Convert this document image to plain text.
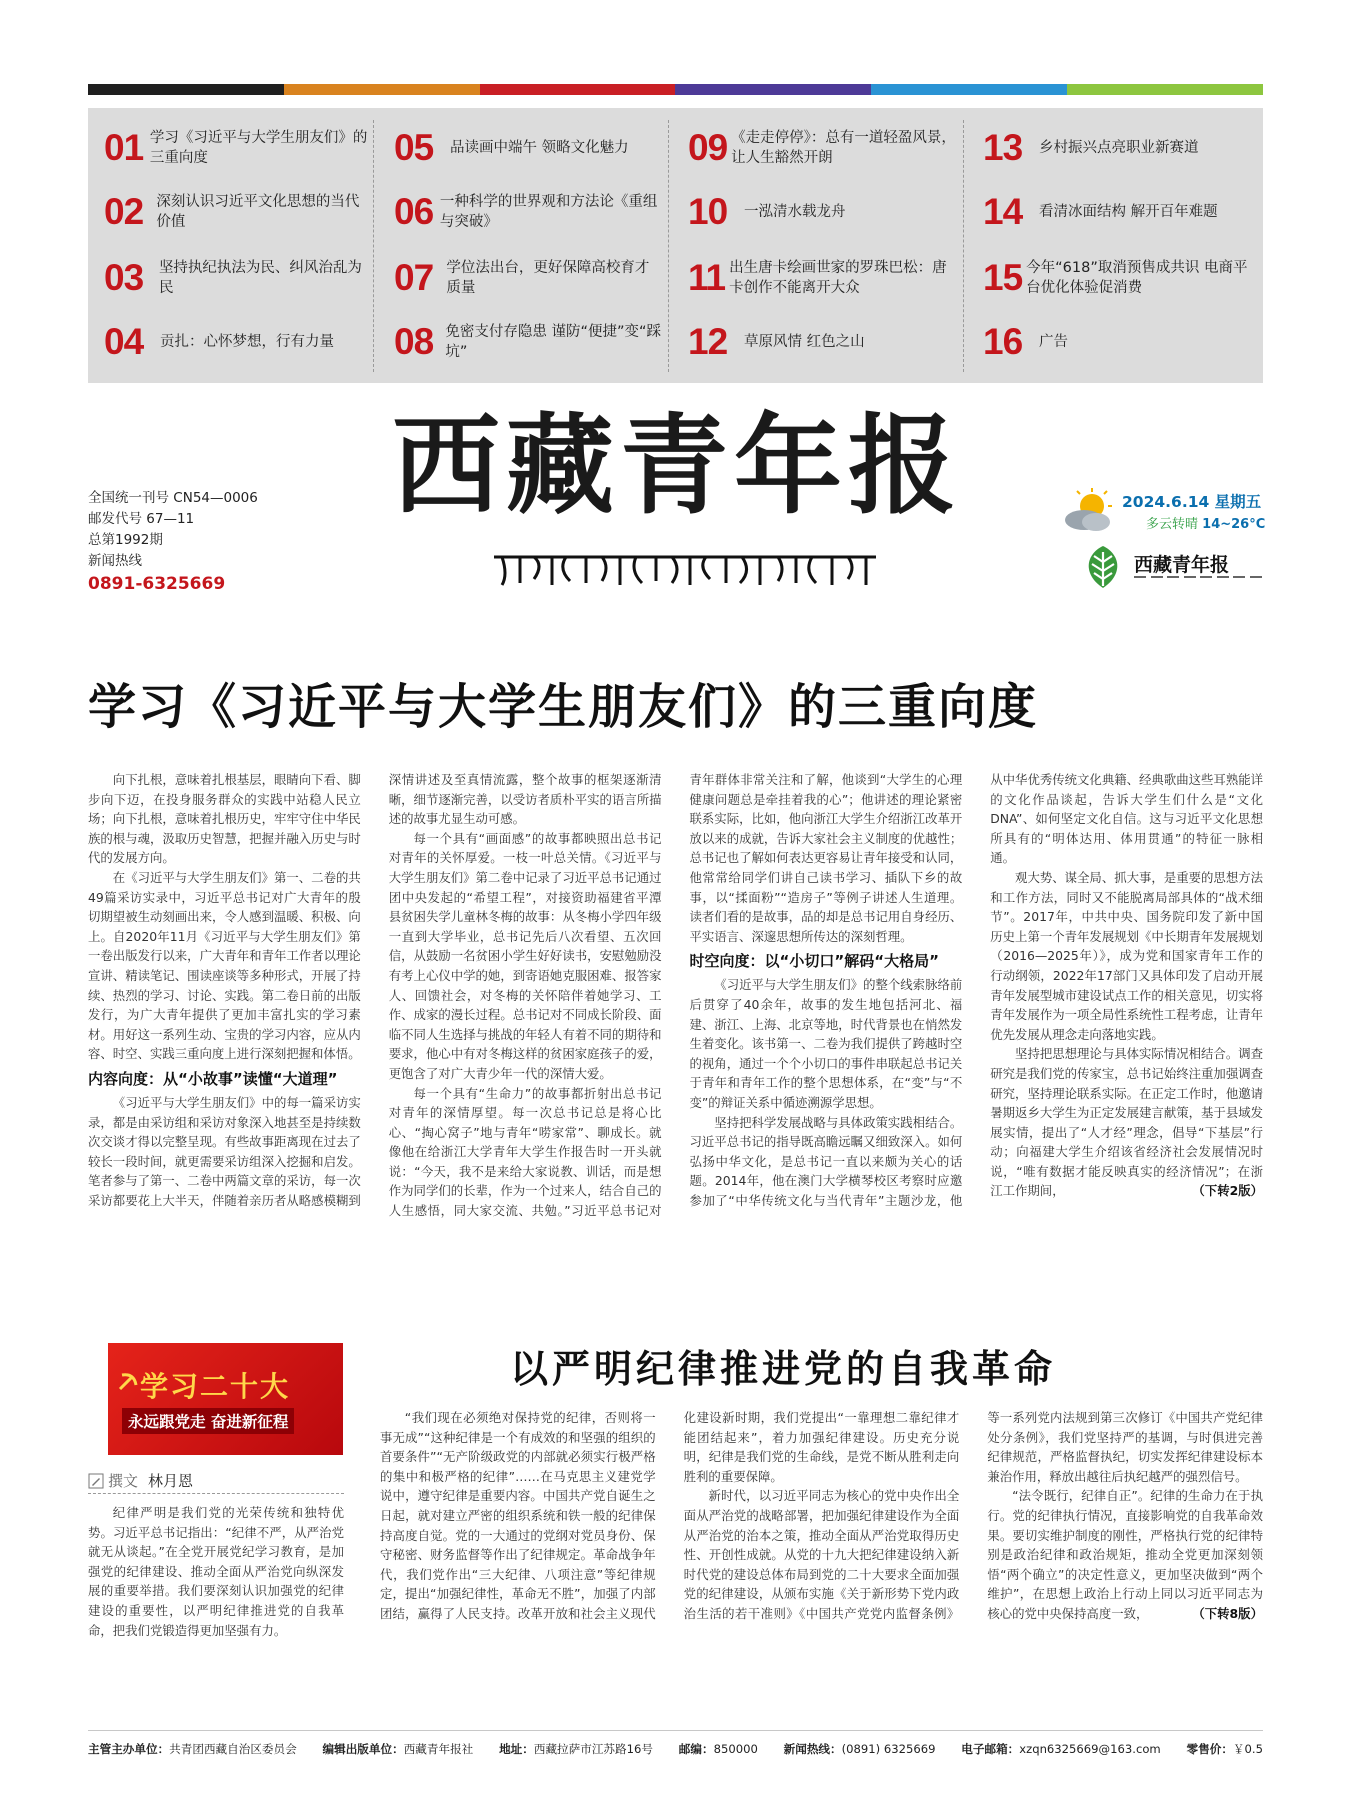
01 学习《习近平与大学生朋友们》的三重向度
02 深刻认识习近平文化思想的当代价值
03	坚持执纪执法为民、纠风治乱为民
04	贡扎：心怀梦想，行有力量
05	品读画中端午 领略文化魅力
06 一种科学的世界观和方法论《重组与突破》
07 学位法出台，更好保障高校育才质量
08 免密支付存隐患 谨防“便捷”变“踩坑”
09 《走走停停》：总有一道轻盈风景，让人生豁然开朗
10	一泓清水载龙舟
11 出生唐卡绘画世家的罗珠巴松：唐卡创作不能离开大众
12	草原风情 红色之山
13	乡村振兴点亮职业新赛道
14	看清冰面结构 解开百年难题
15 今年“618”取消预售成共识 电商平台优化体验促消费
16	广告
全国统一刊号 CN54—0006
邮发代号 67—11
总第1992期
新闻热线
0891-6325669
西藏青年报	2024.6.14 星期五
多云转晴 14~26°C
西藏青年报
学习《习近平与大学生朋友们》的三重向度

向下扎根，意味着扎根基层，眼睛向下看、脚步向下迈，在投身服务群众的实践中站稳人民立场；向下扎根，意味着扎根历史，牢牢守住中华民族的根与魂，汲取历史智慧，把握并融入历史与时代的发展方向。

在《习近平与大学生朋友们》第一、二卷的共49篇采访实录中，习近平总书记对广大青年的殷切期望被生动刻画出来，令人感到温暖、积极、向上。自2020年11月《习近平与大学生朋友们》第一卷出版发行以来，广大青年和青年工作者以理论宣讲、精读笔记、围读座谈等多种形式，开展了持续、热烈的学习、讨论、实践。第二卷日前的出版发行，为广大青年提供了更加丰富扎实的学习素材。用好这一系列生动、宝贵的学习内容，应从内容、时空、实践三重向度上进行深刻把握和体悟。

内容向度：从“小故事”读懂“大道理”

《习近平与大学生朋友们》中的每一篇采访实录，都是由采访组和采访对象深入地甚至是持续数次交谈才得以完整呈现。有些故事距离现在过去了较长一段时间，就更需要采访组深入挖掘和启发。笔者参与了第一、二卷中两篇文章的采访，每一次采访都要花上大半天，伴随着亲历者从略感模糊到深情讲述及至真情流露，整个故事的框架逐渐清晰，细节逐渐完善，以受访者质朴平实的语言所描述的故事尤显生动可感。

每一个具有“画面感”的故事都映照出总书记对青年的关怀厚爱。一枝一叶总关情。《习近平与大学生朋友们》第二卷中记录了习近平总书记通过团中央发起的“希望工程”，对接资助福建省平潭县贫困失学儿童林冬梅的故事：从冬梅小学四年级一直到大学毕业，总书记先后八次看望、五次回信，从鼓励一名贫困小学生好好读书，安慰勉励没有考上心仪中学的她，到寄语她克服困难、报答家人、回馈社会，对冬梅的关怀陪伴着她学习、工作、成家的漫长过程。总书记对不同成长阶段、面临不同人生选择与挑战的年轻人有着不同的期待和要求，他心中有对冬梅这样的贫困家庭孩子的爱，更饱含了对广大青少年一代的深情大爱。

每一个具有“生命力”的故事都折射出总书记对青年的深情厚望。每一次总书记总是将心比心、“掏心窝子”地与青年“唠家常”、聊成长。就像他在给浙江大学青年大学生作报告时一开头就说：“今天，我不是来给大家说教、训话，而是想作为同学们的长辈，作为一个过来人，结合自己的人生感悟，同大家交流、共勉。”习近平总书记对青年群体非常关注和了解，他谈到“大学生的心理健康问题总是牵挂着我的心”；他讲述的理论紧密联系实际，比如，他向浙江大学生介绍浙江改革开放以来的成就，告诉大家社会主义制度的优越性；总书记也了解如何表达更容易让青年接受和认同，他常常给同学们讲自己读书学习、插队下乡的故事，以“揉面粉”“造房子”等例子讲述人生道理。读者们看的是故事，品的却是总书记用自身经历、平实语言、深邃思想所传达的深刻哲理。

时空向度：以“小切口”解码“大格局”

《习近平与大学生朋友们》的整个线索脉络前后贯穿了40余年，故事的发生地包括河北、福建、浙江、上海、北京等地，时代背景也在悄然发生着变化。该书第一、二卷为我们提供了跨越时空的视角，通过一个个小切口的事件串联起总书记关于青年和青年工作的整个思想体系，在“变”与“不变”的辩证关系中循迹溯源学思想。

坚持把科学发展战略与具体政策实践相结合。习近平总书记的指导既高瞻远瞩又细致深入。如何弘扬中华文化，是总书记一直以来颇为关心的话题。2014年，他在澳门大学横琴校区考察时应邀参加了“中华传统文化与当代青年”主题沙龙，他从中华优秀传统文化典籍、经典歌曲这些耳熟能详的文化作品谈起，告诉大学生们什么是“文化DNA”、如何坚定文化自信。这与习近平文化思想所具有的“明体达用、体用贯通”的特征一脉相通。

观大势、谋全局、抓大事，是重要的思想方法和工作方法，同时又不能脱离局部具体的“战术细节”。2017年，中共中央、国务院印发了新中国历史上第一个青年发展规划《中长期青年发展规划（2016—2025年）》，成为党和国家青年工作的行动纲领，2022年17部门又具体印发了启动开展青年发展型城市建设试点工作的相关意见，切实将青年发展作为一项全局性系统性工程考虑，让青年优先发展从理念走向落地实践。

坚持把思想理论与具体实际情况相结合。调查研究是我们党的传家宝，总书记始终注重加强调查研究，坚持理论联系实际。在正定工作时，他邀请暑期返乡大学生为正定发展建言献策，基于县域发展实情，提出了“人才经”理念，倡导“下基层”行动；向福建大学生介绍该省经济社会发展情况时说，“唯有数据才能反映真实的经济情况”；在浙江工作期间，	（下转2版）

学习二十大
永远跟党走 奋进新征程
撰文 林月恩
以严明纪律推进党的自我革命

纪律严明是我们党的光荣传统和独特优势。习近平总书记指出：“纪律不严，从严治党就无从谈起。”在全党开展党纪学习教育，是加强党的纪律建设、推动全面从严治党向纵深发展的重要举措。我们要深刻认识加强党的纪律建设的重要性，以严明纪律推进党的自我革命，把我们党锻造得更加坚强有力。

“我们现在必须绝对保持党的纪律，否则将一事无成”“这种纪律是一个有成效的和坚强的组织的首要条件”“无产阶级政党的内部就必须实行极严格的集中和极严格的纪律”……在马克思主义建党学说中，遵守纪律是重要内容。中国共产党自诞生之日起，就对建立严密的组织系统和铁一般的纪律保持高度自觉。党的一大通过的党纲对党员身份、保守秘密、财务监督等作出了纪律规定。革命战争年代，我们党作出“三大纪律、八项注意”等纪律规定，提出“加强纪律性，革命无不胜”，加强了内部团结，赢得了人民支持。改革开放和社会主义现代化建设新时期，我们党提出“一靠理想二靠纪律才能团结起来”，着力加强纪律建设。历史充分说明，纪律是我们党的生命线，是党不断从胜利走向胜利的重要保障。

新时代，以习近平同志为核心的党中央作出全面从严治党的战略部署，把加强纪律建设作为全面从严治党的治本之策，推动全面从严治党取得历史性、开创性成就。从党的十九大把纪律建设纳入新时代党的建设总体布局到党的二十大要求全面加强党的纪律建设，从颁布实施《关于新形势下党内政治生活的若干准则》《中国共产党党内监督条例》等一系列党内法规到第三次修订《中国共产党纪律处分条例》，我们党坚持严的基调，与时俱进完善纪律规范，严格监督执纪，切实发挥纪律建设标本兼治作用，释放出越往后执纪越严的强烈信号。

“法令既行，纪律自正”。纪律的生命力在于执行。党的纪律执行情况，直接影响党的自我革命效果。要切实维护制度的刚性，严格执行党的纪律特别是政治纪律和政治规矩，推动全党更加深刻领悟“两个确立”的决定性意义，更加坚决做到“两个维护”，在思想上政治上行动上同以习近平同志为核心的党中央保持高度一致，	（下转8版）

主管主办单位：共青团西藏自治区委员会 编辑出版单位：西藏青年报社 地址：西藏拉萨市江苏路16号 邮编：850000 新闻热线：(0891) 6325669 电子邮箱：xzqn6325669@163.com 零售价：￥0.5
